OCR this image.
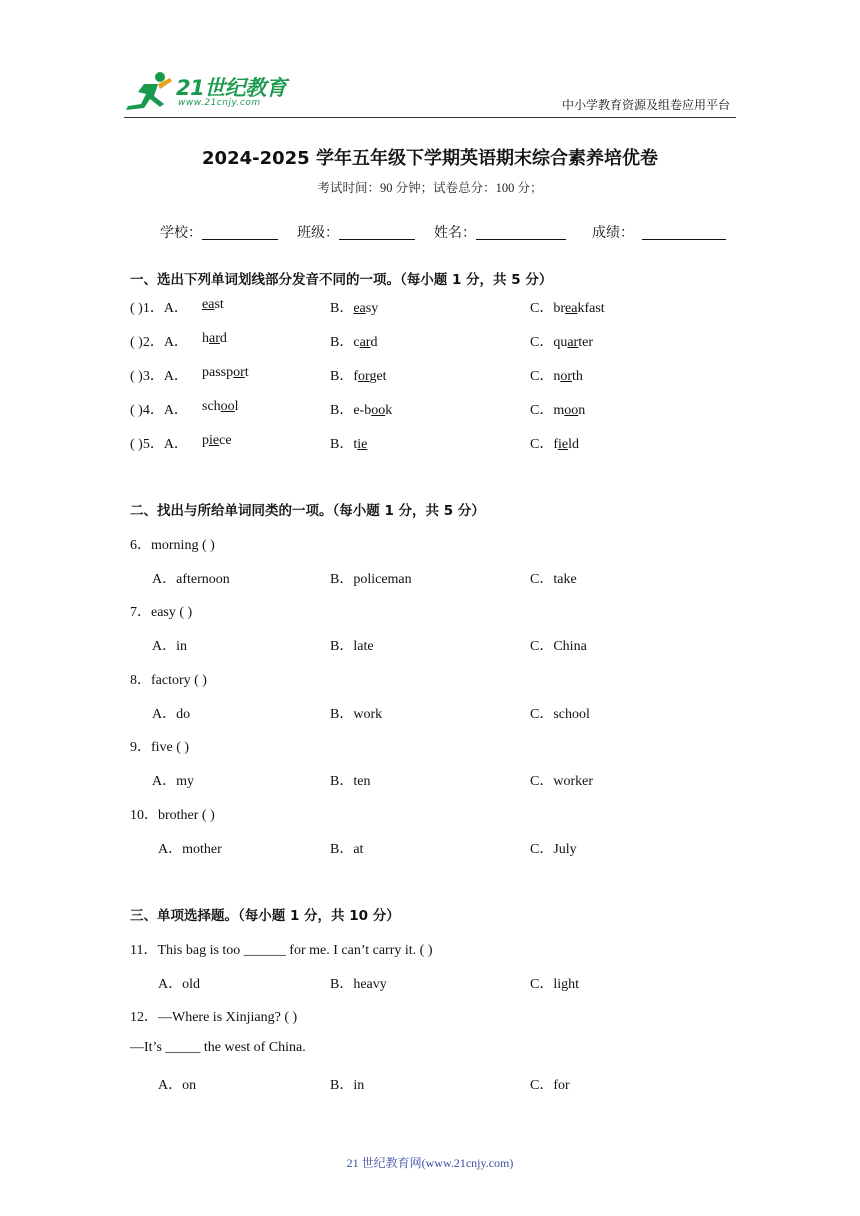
21世纪教育
www.21cnjy.com	中小学教育资源及组卷应用平台
2024-2025 学年五年级下学期英语期末综合素养培优卷
考试时间：90 分钟；试卷总分：100 分；
学校：	班级：	姓名：	成绩：
一、选出下列单词划线部分发音不同的一项。（每小题 1 分，共 5 分）
( )1．A． east	B．easy	C．breakfast
( )2．A． hard	B．card	C．quarter
( )3．A． passport	B．forget	C．north
( )4．A． school	B．e-book	C．moon
( )5．A． piece	B．tie	C．field
二、找出与所给单词同类的一项。（每小题 1 分，共 5 分）
6．morning ( )
A．afternoon	B．policeman	C．take
7．easy ( )
A．in	B．late	C．China
8．factory ( )
A．do	B．work	C．school
9．five ( )
A．my	B．ten	C．worker
10．brother ( )
A．mother	B．at	C．July
三、单项选择题。（每小题 1 分，共 10 分）
11．This bag is too ______ for me. I can’t carry it. ( )
A．old	B．heavy	C．light
12．—Where is Xinjiang? ( )
—It’s _____ the west of China.
A．on	B．in	C．for
21 世纪教育网(www.21cnjy.com)
